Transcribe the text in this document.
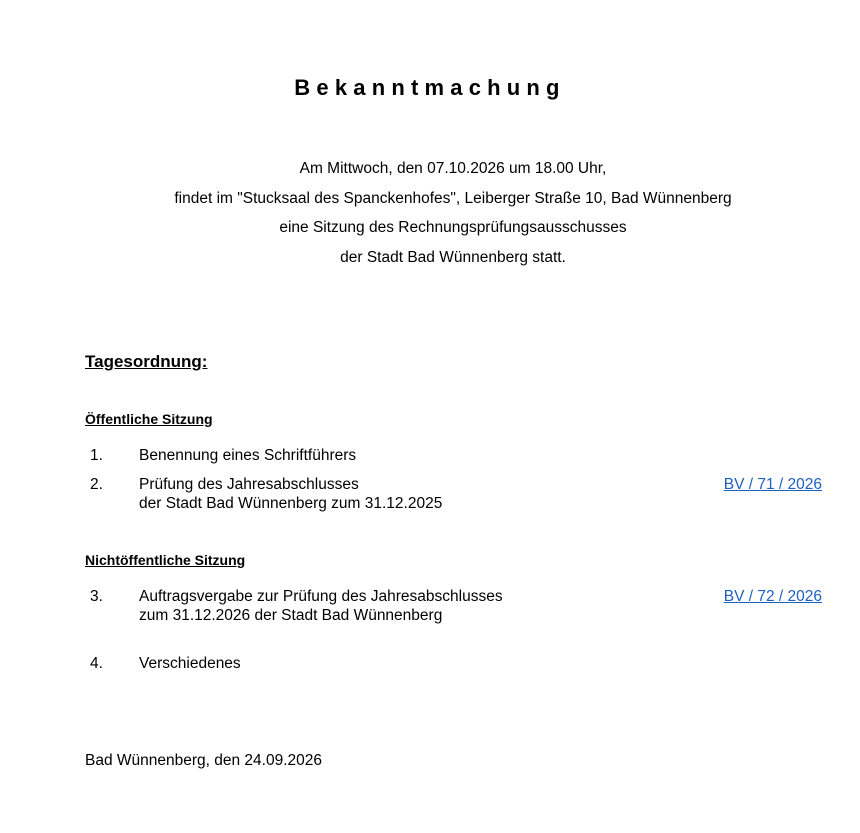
Bekanntmachung
Am Mittwoch, den 07.10.2026 um 18.00 Uhr,
findet im "Stucksaal des Spanckenhofes", Leiberger Straße 10, Bad Wünnenberg
eine Sitzung des Rechnungsprüfungsausschusses
der Stadt Bad Wünnenberg statt.
Tagesordnung:
Öffentliche Sitzung
1. Benennung eines Schriftführers
2. Prüfung des Jahresabschlusses
der Stadt Bad Wünnenberg zum 31.12.2025
BV / 71 / 2026
Nichtöffentliche Sitzung
3. Auftragsvergabe zur Prüfung des Jahresabschlusses
zum 31.12.2026 der Stadt Bad Wünnenberg
BV / 72 / 2026
4. Verschiedenes
Bad Wünnenberg, den 24.09.2026
